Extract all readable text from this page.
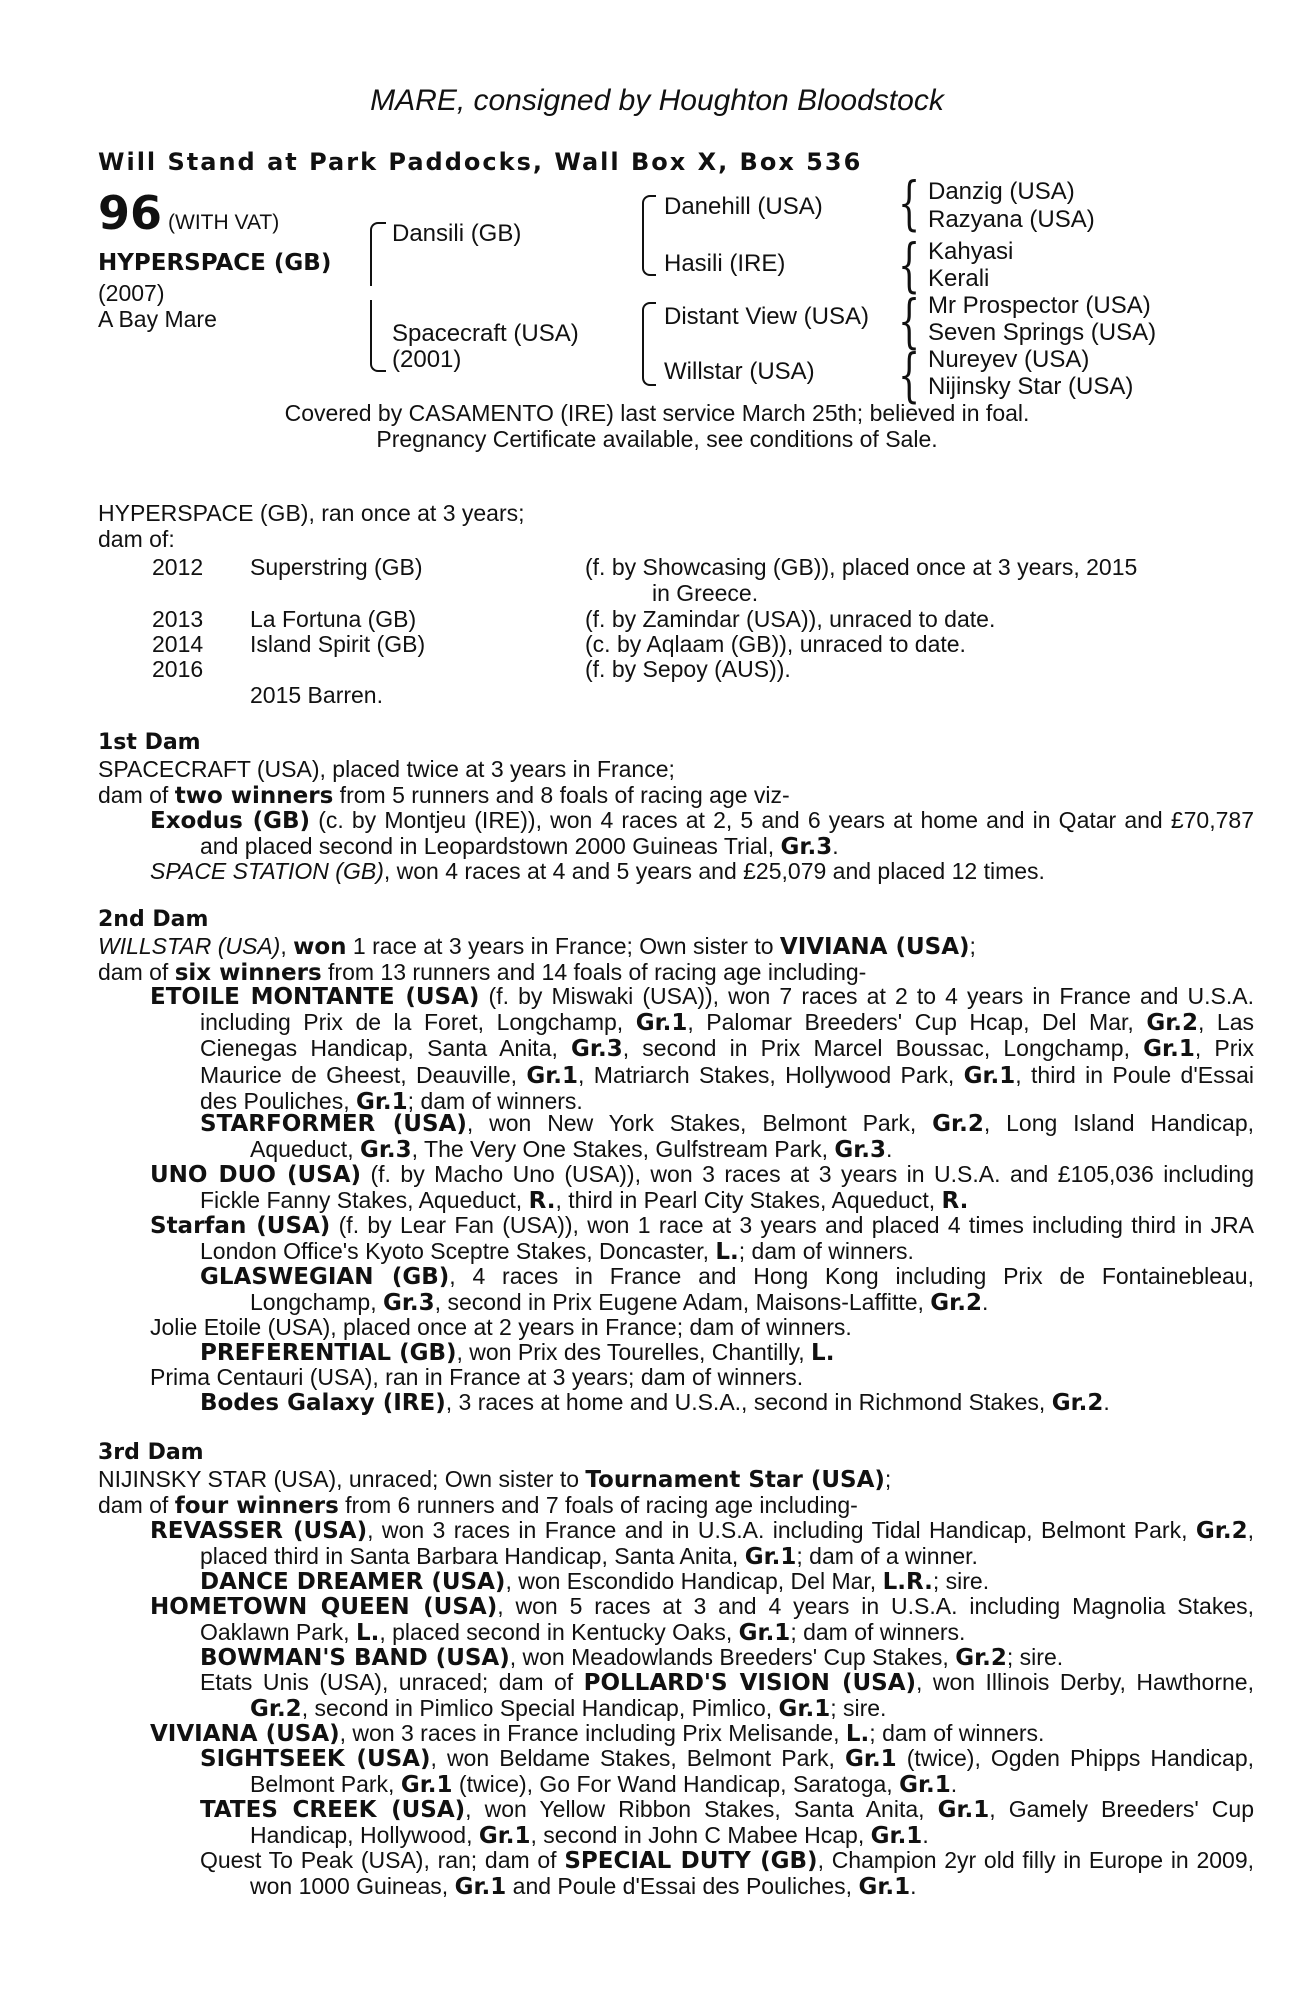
MARE, consigned by Houghton Bloodstock
Will Stand at Park Paddocks, Wall Box X, Box 536
96 (WITH VAT)
HYPERSPACE (GB)
(2007)
A Bay Mare
Dansili (GB)
Spacecraft (USA)
(2001)
Danehill (USA)
Hasili (IRE)
Distant View (USA)
Willstar (USA)
{
{
{
{
Danzig (USA)
Razyana (USA)
Kahyasi
Kerali
Mr Prospector (USA)
Seven Springs (USA)
Nureyev (USA)
Nijinsky Star (USA)
Covered by CASAMENTO (IRE) last service March 25th; believed in foal.
Pregnancy Certificate available, see conditions of Sale.
HYPERSPACE (GB), ran once at 3 years;
dam of:
2012 Superstring (GB)	(f. by Showcasing (GB)), placed once at 3 years, 2015
in Greece.
2013 La Fortuna (GB)	(f. by Zamindar (USA)), unraced to date.
2014 Island Spirit (GB)	(c. by Aqlaam (GB)), unraced to date.
2016	(f. by Sepoy (AUS)).
2015 Barren.
1st Dam
SPACECRAFT (USA), placed twice at 3 years in France;
dam of two winners from 5 runners and 8 foals of racing age viz-
Exodus (GB) (c. by Montjeu (IRE)), won 4 races at 2, 5 and 6 years at home and in Qatar and £70,787 and placed second in Leopardstown 2000 Guineas Trial, Gr.3.
SPACE STATION (GB), won 4 races at 4 and 5 years and £25,079 and placed 12 times.
2nd Dam
WILLSTAR (USA), won 1 race at 3 years in France; Own sister to VIVIANA (USA);
dam of six winners from 13 runners and 14 foals of racing age including-
ETOILE MONTANTE (USA) (f. by Miswaki (USA)), won 7 races at 2 to 4 years in France and U.S.A. including Prix de la Foret, Longchamp, Gr.1, Palomar Breeders' Cup Hcap, Del Mar, Gr.2, Las Cienegas Handicap, Santa Anita, Gr.3, second in Prix Marcel Boussac, Longchamp, Gr.1, Prix Maurice de Gheest, Deauville, Gr.1, Matriarch Stakes, Hollywood Park, Gr.1, third in Poule d'Essai des Pouliches, Gr.1; dam of winners.
STARFORMER (USA), won New York Stakes, Belmont Park, Gr.2, Long Island Handicap, Aqueduct, Gr.3, The Very One Stakes, Gulfstream Park, Gr.3.
UNO DUO (USA) (f. by Macho Uno (USA)), won 3 races at 3 years in U.S.A. and £105,036 including Fickle Fanny Stakes, Aqueduct, R., third in Pearl City Stakes, Aqueduct, R.
Starfan (USA) (f. by Lear Fan (USA)), won 1 race at 3 years and placed 4 times including third in JRA London Office's Kyoto Sceptre Stakes, Doncaster, L.; dam of winners.
GLASWEGIAN (GB), 4 races in France and Hong Kong including Prix de Fontainebleau, Longchamp, Gr.3, second in Prix Eugene Adam, Maisons-Laffitte, Gr.2.
Jolie Etoile (USA), placed once at 2 years in France; dam of winners.
PREFERENTIAL (GB), won Prix des Tourelles, Chantilly, L.
Prima Centauri (USA), ran in France at 3 years; dam of winners.
Bodes Galaxy (IRE), 3 races at home and U.S.A., second in Richmond Stakes, Gr.2.
3rd Dam
NIJINSKY STAR (USA), unraced; Own sister to Tournament Star (USA);
dam of four winners from 6 runners and 7 foals of racing age including-
REVASSER (USA), won 3 races in France and in U.S.A. including Tidal Handicap, Belmont Park, Gr.2, placed third in Santa Barbara Handicap, Santa Anita, Gr.1; dam of a winner.
DANCE DREAMER (USA), won Escondido Handicap, Del Mar, L.R.; sire.
HOMETOWN QUEEN (USA), won 5 races at 3 and 4 years in U.S.A. including Magnolia Stakes, Oaklawn Park, L., placed second in Kentucky Oaks, Gr.1; dam of winners.
BOWMAN'S BAND (USA), won Meadowlands Breeders' Cup Stakes, Gr.2; sire.
Etats Unis (USA), unraced; dam of POLLARD'S VISION (USA), won Illinois Derby, Hawthorne, Gr.2, second in Pimlico Special Handicap, Pimlico, Gr.1; sire.
VIVIANA (USA), won 3 races in France including Prix Melisande, L.; dam of winners.
SIGHTSEEK (USA), won Beldame Stakes, Belmont Park, Gr.1 (twice), Ogden Phipps Handicap, Belmont Park, Gr.1 (twice), Go For Wand Handicap, Saratoga, Gr.1.
TATES CREEK (USA), won Yellow Ribbon Stakes, Santa Anita, Gr.1, Gamely Breeders' Cup Handicap, Hollywood, Gr.1, second in John C Mabee Hcap, Gr.1.
Quest To Peak (USA), ran; dam of SPECIAL DUTY (GB), Champion 2yr old filly in Europe in 2009, won 1000 Guineas, Gr.1 and Poule d'Essai des Pouliches, Gr.1.
